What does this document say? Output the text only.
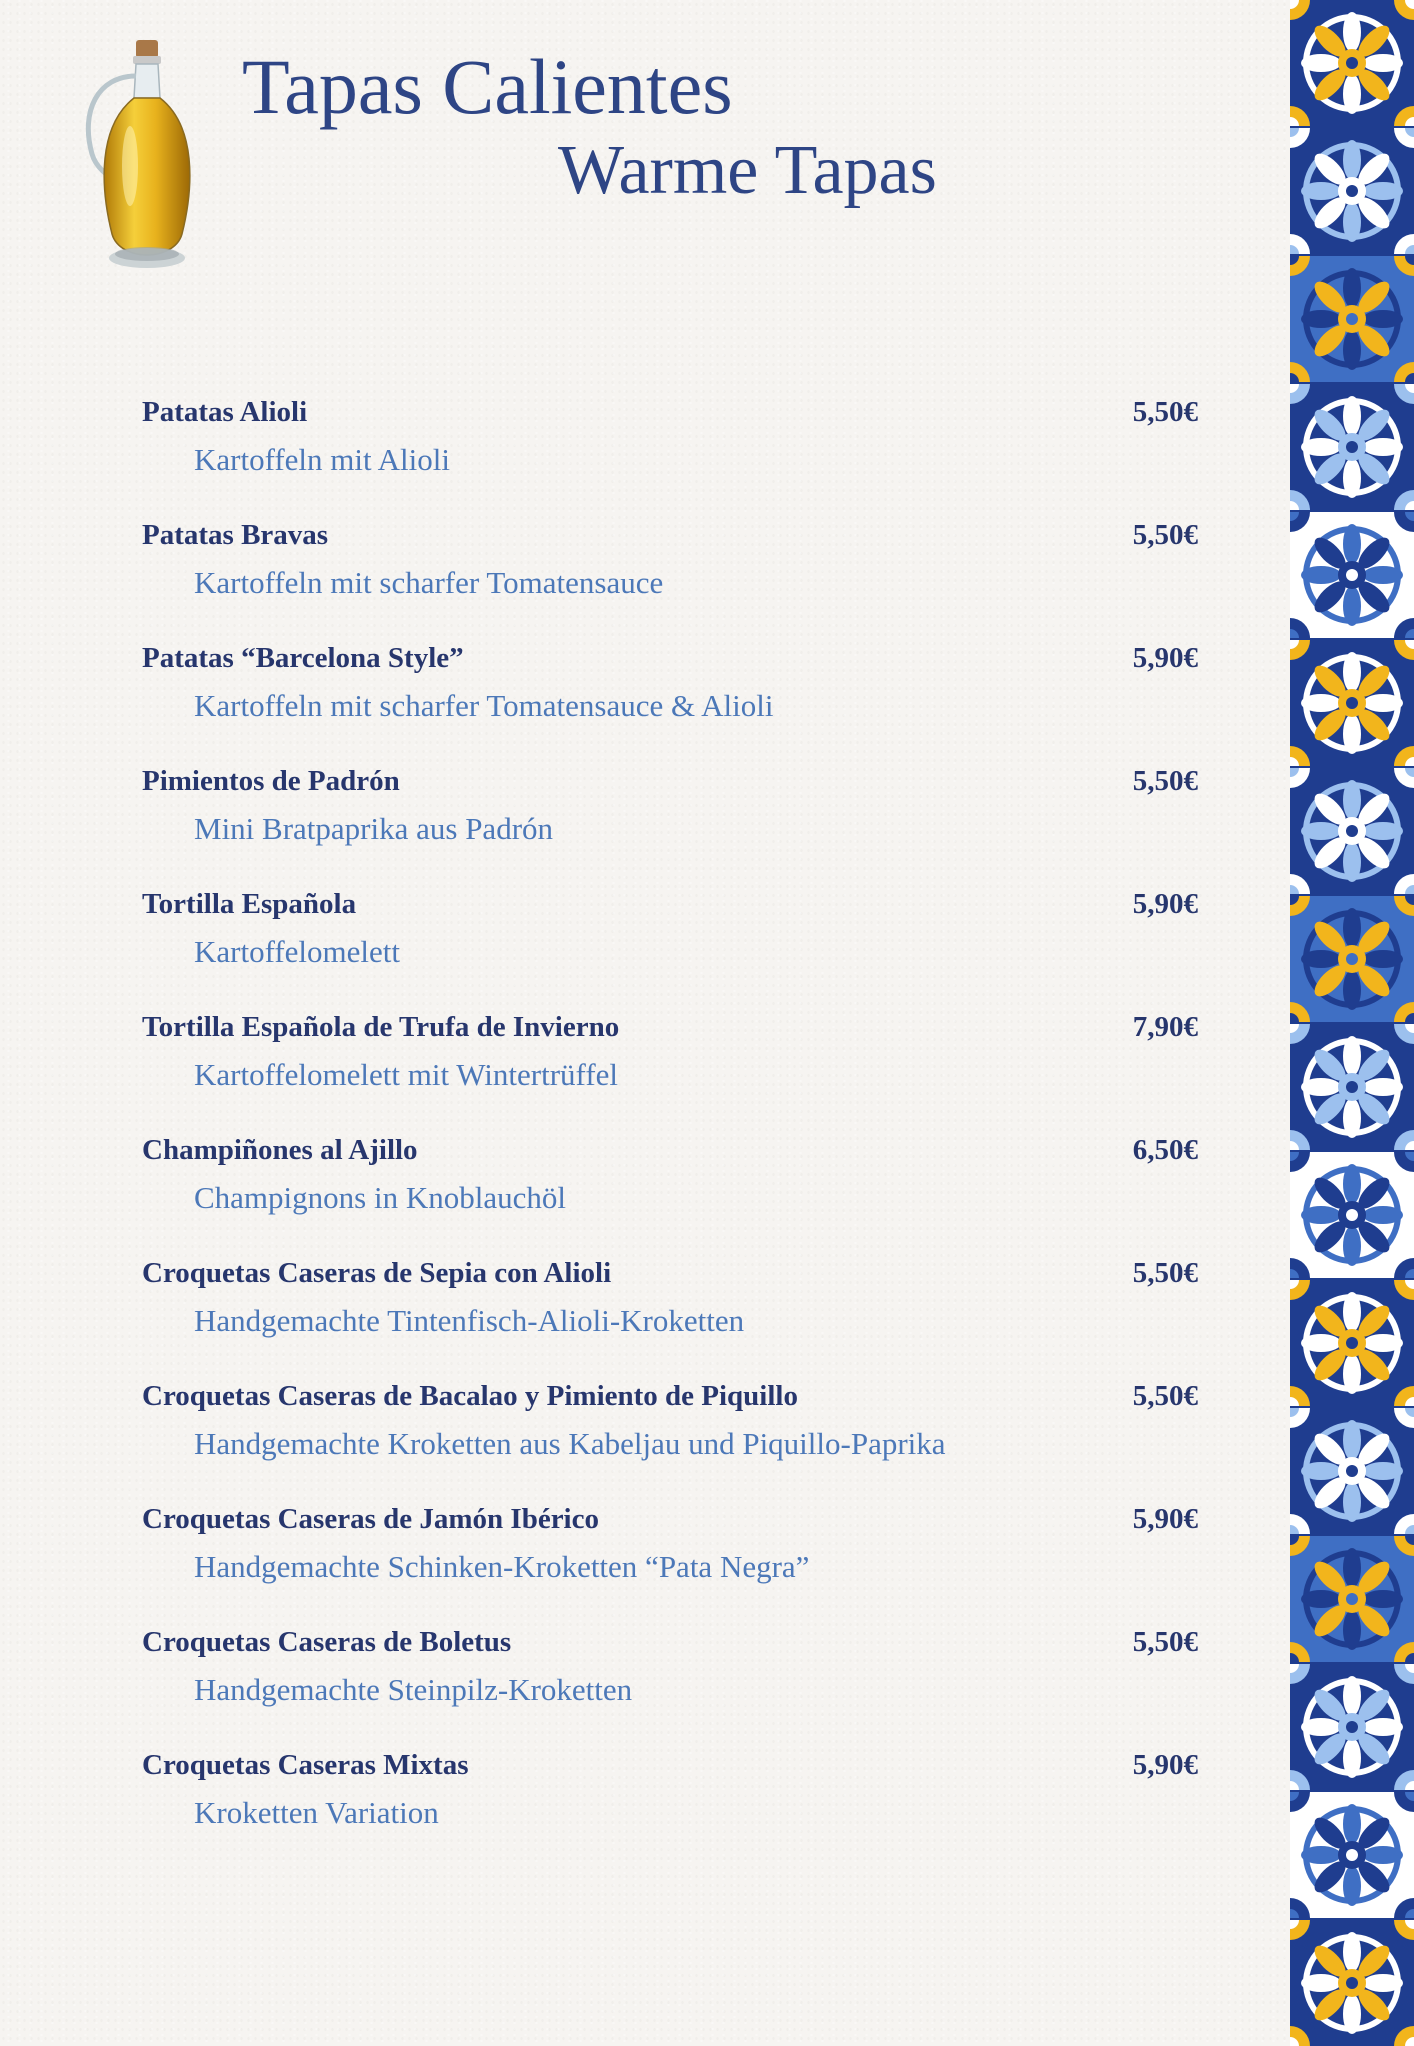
Tapas Calientes
Warme Tapas
Patatas Alioli	5,50€
Kartoffeln mit Alioli
Patatas Bravas	5,50€
Kartoffeln mit scharfer Tomatensauce
Patatas “Barcelona Style”	5,90€
Kartoffeln mit scharfer Tomatensauce & Alioli
Pimientos de Padrón	5,50€
Mini Bratpaprika aus Padrón
Tortilla Española	5,90€
Kartoffelomelett
Tortilla Española de Trufa de Invierno	7,90€
Kartoffelomelett mit Wintertrüffel
Champiñones al Ajillo	6,50€
Champignons in Knoblauchöl
Croquetas Caseras de Sepia con Alioli	5,50€
Handgemachte Tintenfisch-Alioli-Kroketten
Croquetas Caseras de Bacalao y Pimiento de Piquillo	5,50€
Handgemachte Kroketten aus Kabeljau und Piquillo-Paprika
Croquetas Caseras de Jamón Ibérico	5,90€
Handgemachte Schinken-Kroketten “Pata Negra”
Croquetas Caseras de Boletus	5,50€
Handgemachte Steinpilz-Kroketten
Croquetas Caseras Mixtas	5,90€
Kroketten Variation
